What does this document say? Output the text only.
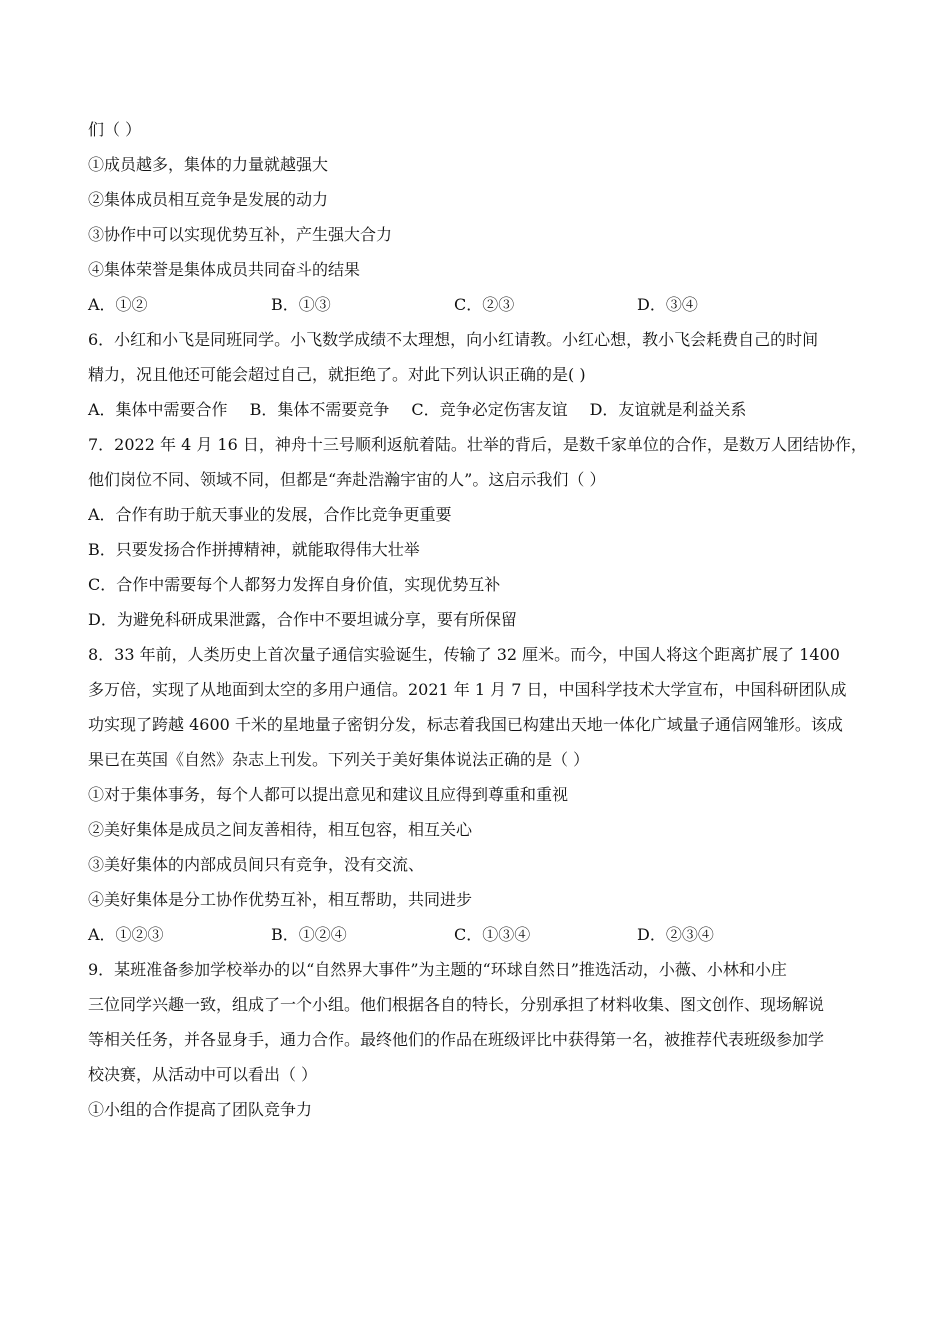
们（ ）
①成员越多，集体的力量就越强大
②集体成员相互竞争是发展的动力
③协作中可以实现优势互补，产生强大合力
④集体荣誉是集体成员共同奋斗的结果
A．①②	B．①③	C．②③	D．③④
6．小红和小飞是同班同学。小飞数学成绩不太理想，向小红请教。小红心想，教小飞会耗费自己的时间
精力，况且他还可能会超过自己，就拒绝了。对此下列认识正确的是( )
A．集体中需要合作 B．集体不需要竞争 C．竞争必定伤害友谊 D．友谊就是利益关系
7．2022 年 4 月 16 日，神舟十三号顺利返航着陆。壮举的背后，是数千家单位的合作，是数万人团结协作，
他们岗位不同、领域不同，但都是“奔赴浩瀚宇宙的人”。这启示我们（ ）
A．合作有助于航天事业的发展，合作比竞争更重要
B．只要发扬合作拼搏精神，就能取得伟大壮举
C．合作中需要每个人都努力发挥自身价值，实现优势互补
D．为避免科研成果泄露，合作中不要坦诚分享，要有所保留
8．33 年前，人类历史上首次量子通信实验诞生，传输了 32 厘米。而今，中国人将这个距离扩展了 1400
多万倍，实现了从地面到太空的多用户通信。2021 年 1 月 7 日，中国科学技术大学宣布，中国科研团队成
功实现了跨越 4600 千米的星地量子密钥分发，标志着我国已构建出天地一体化广域量子通信网雏形。该成
果已在英国《自然》杂志上刊发。下列关于美好集体说法正确的是（ ）
①对于集体事务，每个人都可以提出意见和建议且应得到尊重和重视
②美好集体是成员之间友善相待，相互包容，相互关心
③美好集体的内部成员间只有竞争，没有交流、
④美好集体是分工协作优势互补，相互帮助，共同进步
A．①②③	B．①②④	C．①③④	D．②③④
9．某班准备参加学校举办的以“自然界大事件”为主题的“环球自然日”推选活动，小薇、小林和小庄
三位同学兴趣一致，组成了一个小组。他们根据各自的特长，分别承担了材料收集、图文创作、现场解说
等相关任务，并各显身手，通力合作。最终他们的作品在班级评比中获得第一名，被推荐代表班级参加学
校决赛，从活动中可以看出（ ）
①小组的合作提高了团队竞争力
